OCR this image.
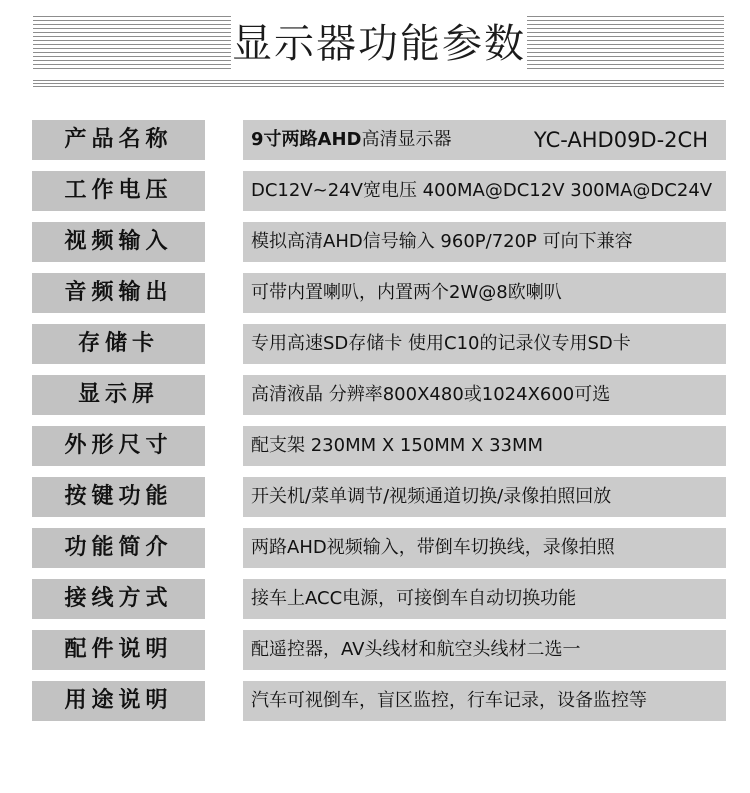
显示器功能参数
产品名称	9寸两路AHD高清显示器	YC-AHD09D-2CH
工作电压	DC12V~24V宽电压 400MA@DC12V 300MA@DC24V
视频输入	模拟高清AHD信号输入 960P/720P 可向下兼容
音频输出	可带内置喇叭，内置两个2W@8欧喇叭
存储卡	专用高速SD存储卡 使用C10的记录仪专用SD卡
显示屏	高清液晶 分辨率800X480或1024X600可选
外形尺寸	配支架 230MM X 150MM X 33MM
按键功能	开关机/菜单调节/视频通道切换/录像拍照回放
功能简介	两路AHD视频输入，带倒车切换线，录像拍照
接线方式	接车上ACC电源，可接倒车自动切换功能
配件说明	配遥控器，AV头线材和航空头线材二选一
用途说明	汽车可视倒车，盲区监控，行车记录，设备监控等
